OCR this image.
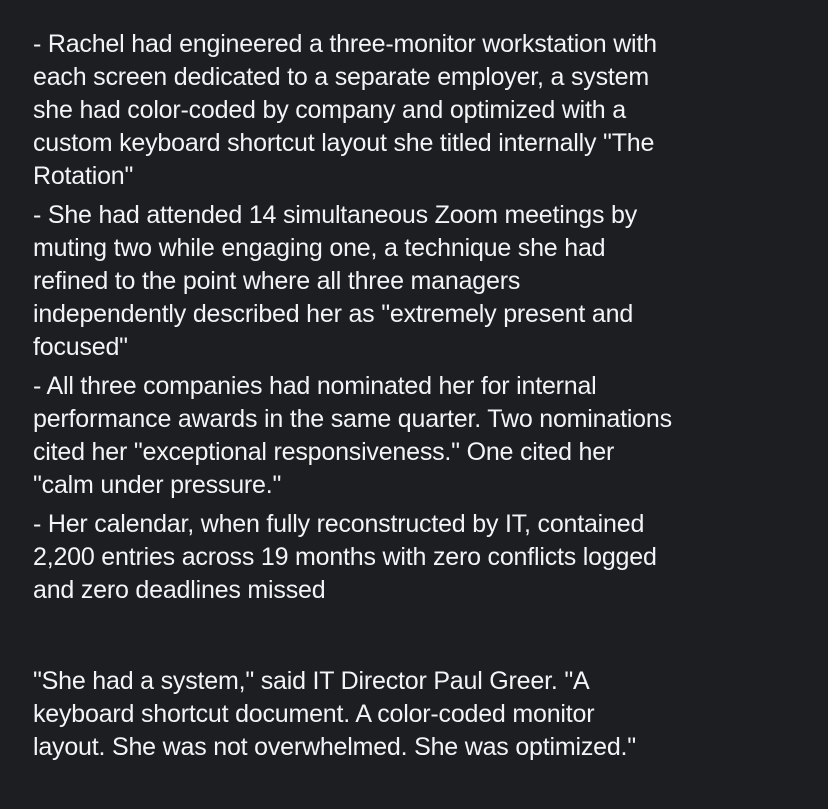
- Rachel had engineered a three-monitor workstation with
each screen dedicated to a separate employer, a system
she had color-coded by company and optimized with a
custom keyboard shortcut layout she titled internally "The
Rotation"

- She had attended 14 simultaneous Zoom meetings by
muting two while engaging one, a technique she had
refined to the point where all three managers
independently described her as "extremely present and
focused"

- All three companies had nominated her for internal
performance awards in the same quarter. Two nominations
cited her "exceptional responsiveness." One cited her
"calm under pressure."

- Her calendar, when fully reconstructed by IT, contained
2,200 entries across 19 months with zero conflicts logged
and zero deadlines missed

"She had a system," said IT Director Paul Greer. "A
keyboard shortcut document. A color-coded monitor
layout. She was not overwhelmed. She was optimized."
